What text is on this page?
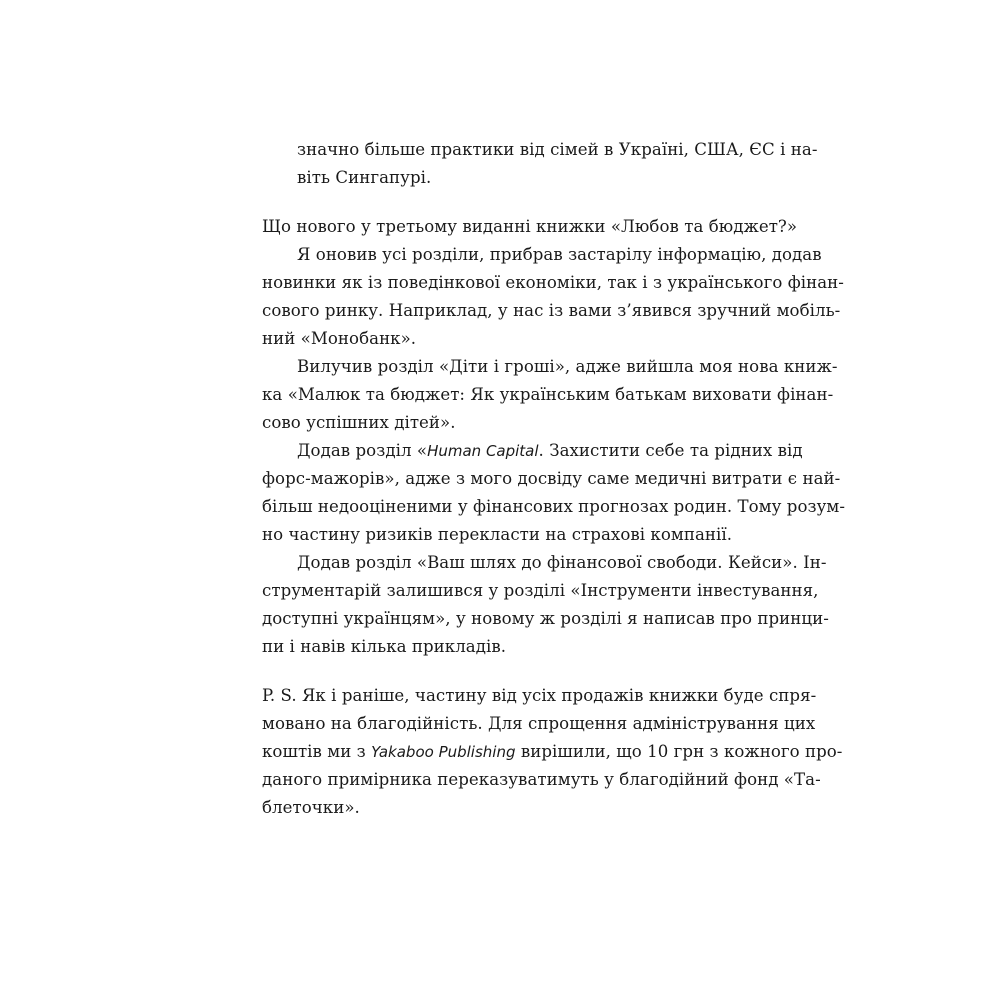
значно більше практики від сімей в Україні, США, ЄС і на-
віть Сингапурі.
Що нового у третьому виданні книжки «Любов та бюджет?»
Я оновив усі розділи, прибрав застарілу інформацію, додав
новинки як із поведінкової економіки, так і з українського фінан-
сового ринку. Наприклад, у нас із вами з’явився зручний мобіль-
ний «Монобанк».
Вилучив розділ «Діти і гроші», адже вийшла моя нова книж-
ка «Малюк та бюджет: Як українським батькам виховати фінан-
сово успішних дітей».
Додав розділ «Human Capital. Захистити себе та рідних від
форс-мажорів», адже з мого досвіду саме медичні витрати є най-
більш недооціненими у фінансових прогнозах родин. Тому розум-
но частину ризиків перекласти на страхові компанії.
Додав розділ «Ваш шлях до фінансової свободи. Кейси». Ін-
струментарій залишився у розділі «Інструменти інвестування,
доступні українцям», у новому ж розділі я написав про принци-
пи і навів кілька прикладів.
P. S. Як і раніше, частину від усіх продажів книжки буде спря-
мовано на благодійність. Для спрощення адміністрування цих
коштів ми з Yakaboo Publishing вирішили, що 10 грн з кожного про-
даного примірника переказуватимуть у благодійний фонд «Та-
блеточки».
